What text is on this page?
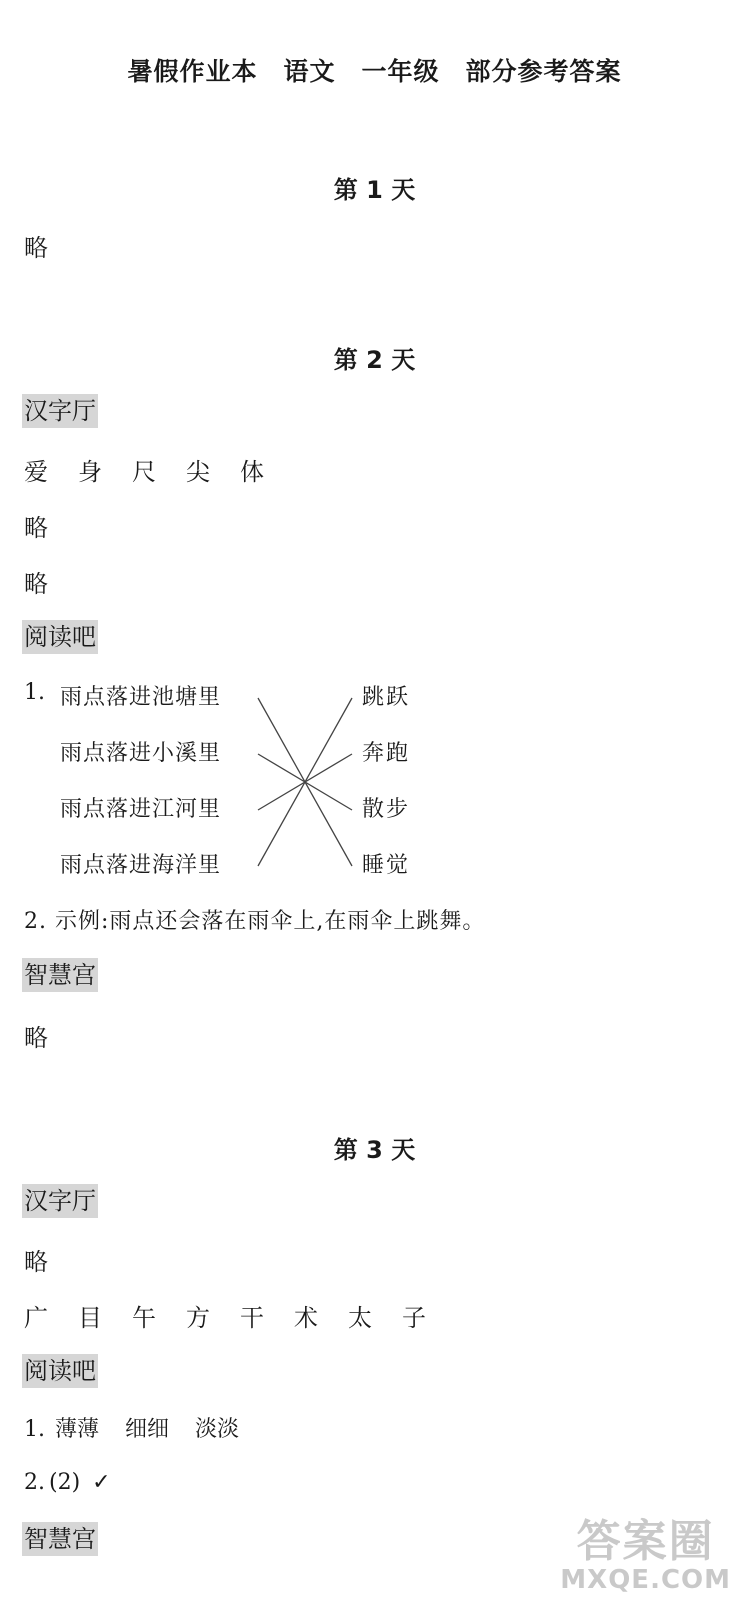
暑假作业本　语文　一年级　部分参考答案
第 1 天
略
第 2 天
汉字厅
爱身尺尖体
略
略
阅读吧
1. 雨点落进池塘里
雨点落进小溪里
雨点落进江河里
雨点落进海洋里
跳跃
奔跑
散步
睡觉
2. 示例:雨点还会落在雨伞上,在雨伞上跳舞。
智慧宫
略
第 3 天
汉字厅
略
广目午方干术太子
阅读吧
1. 薄薄 细细 淡淡
2. (2) ✓
智慧宫	答案圈
MXQE.COM
